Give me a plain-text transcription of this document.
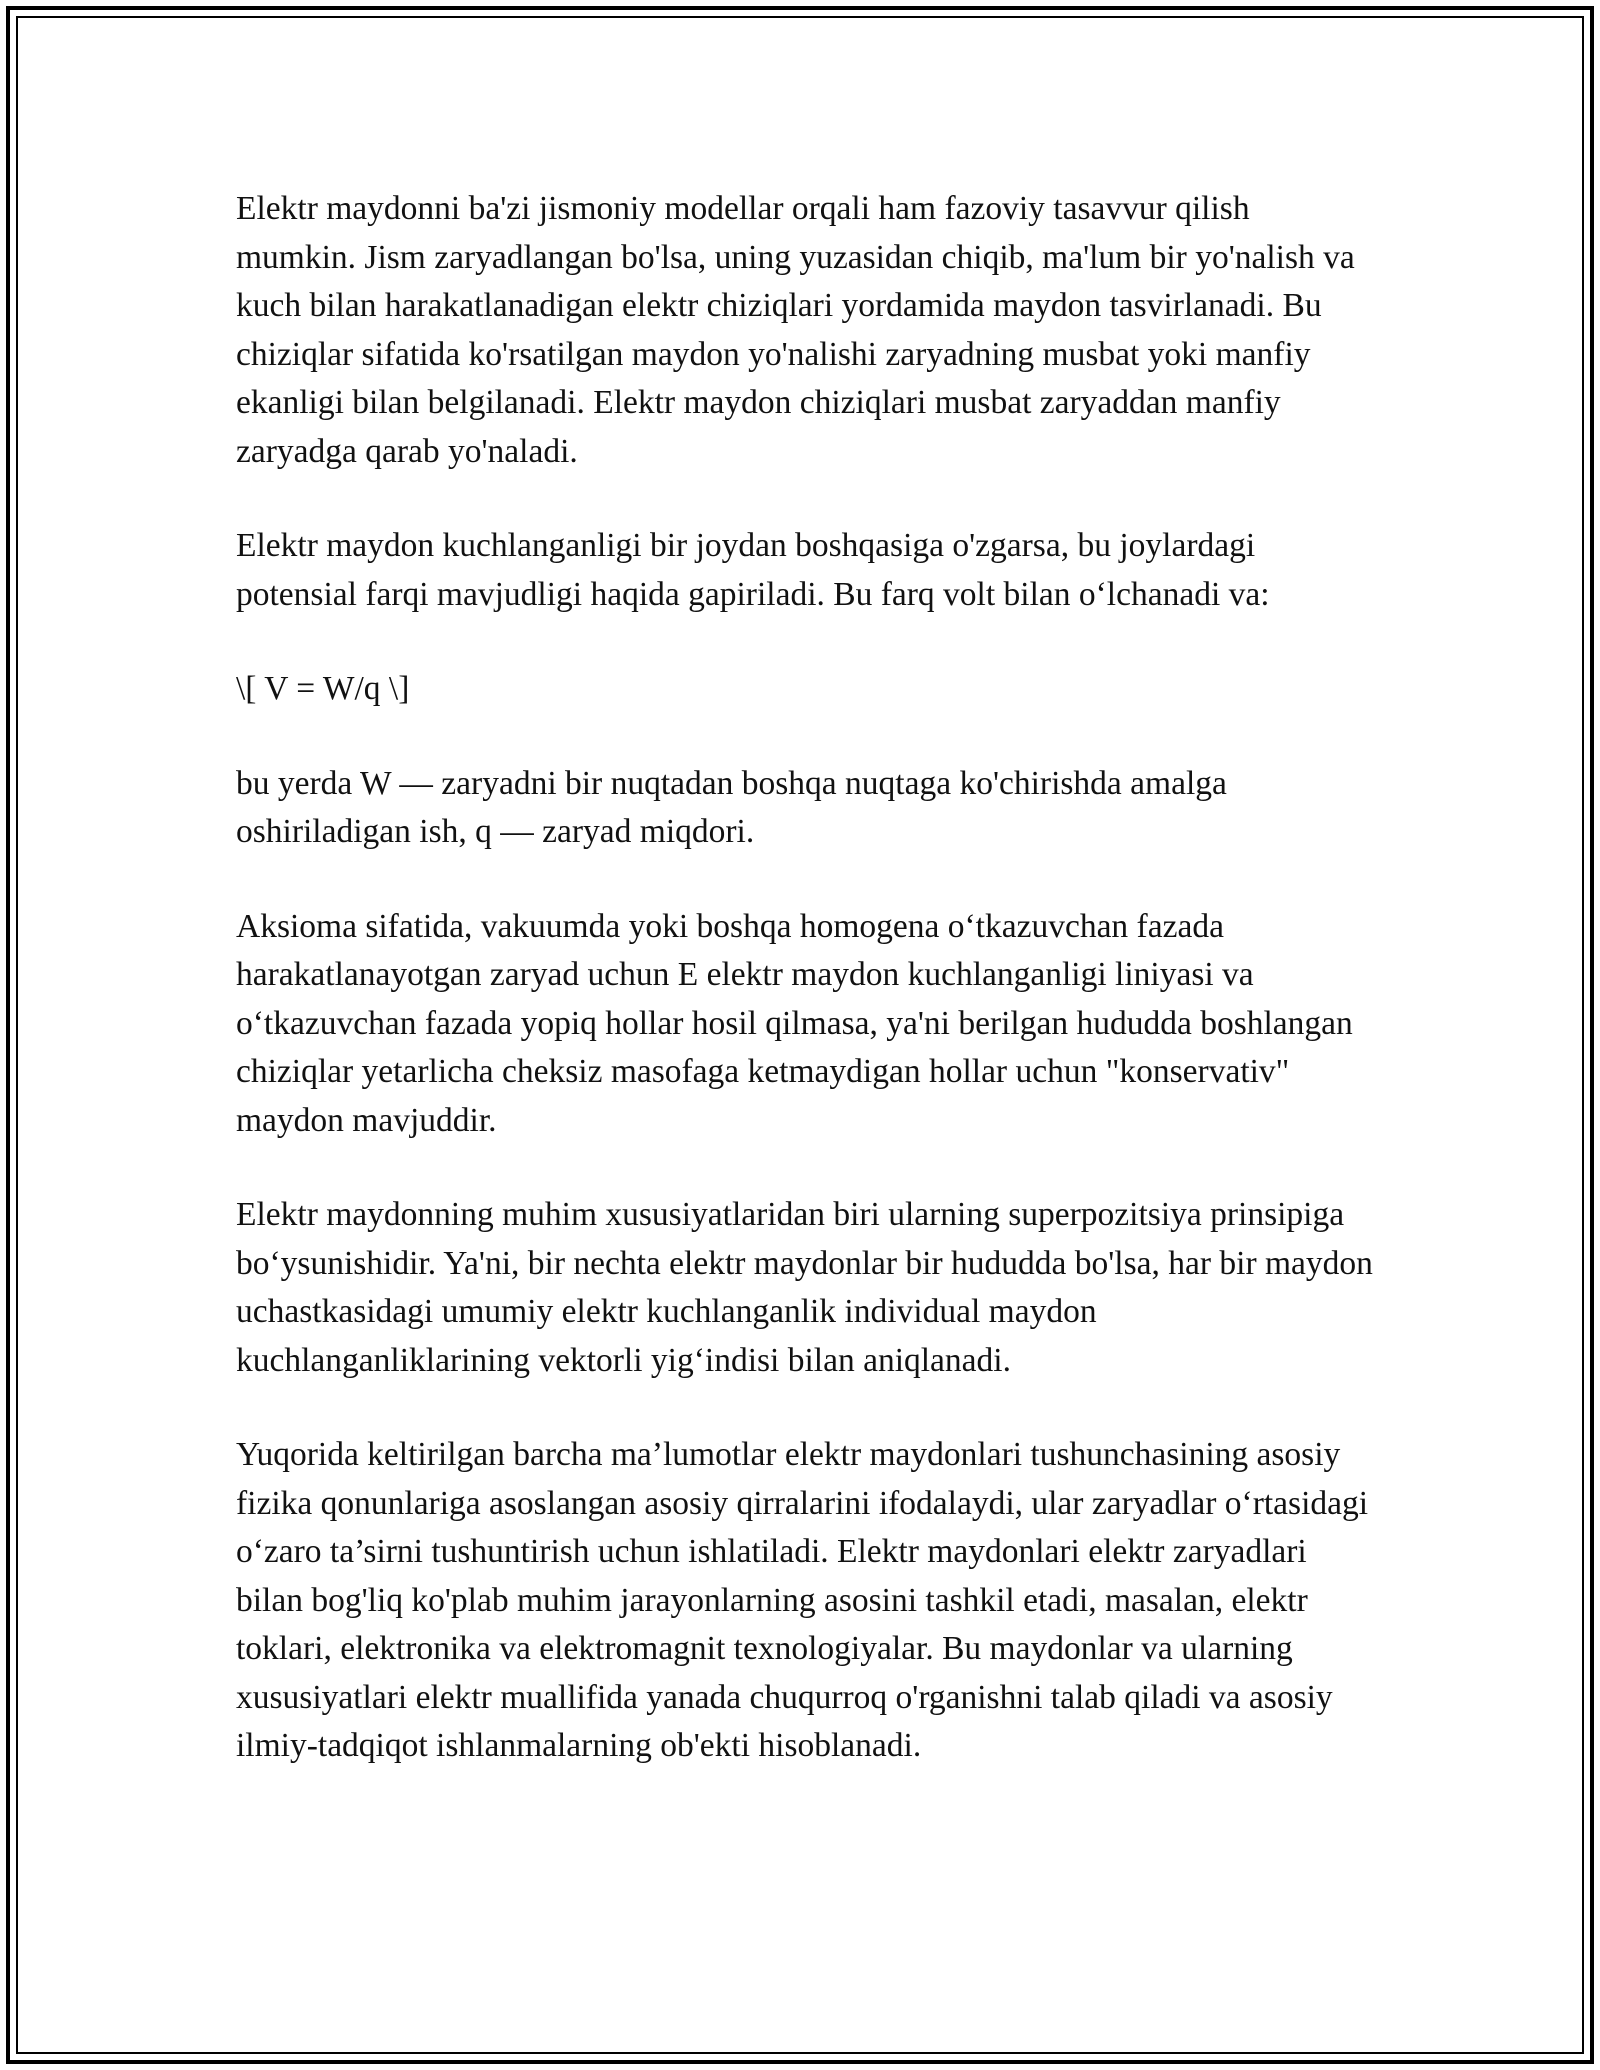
Elektr maydonni ba'zi jismoniy modellar orqali ham fazoviy tasavvur qilish mumkin. Jism zaryadlangan bo'lsa, uning yuzasidan chiqib, ma'lum bir yo'nalish va kuch bilan harakatlanadigan elektr chiziqlari yordamida maydon tasvirlanadi. Bu chiziqlar sifatida ko'rsatilgan maydon yo'nalishi zaryadning musbat yoki manfiy ekanligi bilan belgilanadi. Elektr maydon chiziqlari musbat zaryaddan manfiy zaryadga qarab yo'naladi.

Elektr maydon kuchlanganligi bir joydan boshqasiga o'zgarsa, bu joylardagi potensial farqi mavjudligi haqida gapiriladi. Bu farq volt bilan o‘lchanadi va:

\[ V = W/q \]

bu yerda W — zaryadni bir nuqtadan boshqa nuqtaga ko'chirishda amalga oshiriladigan ish, q — zaryad miqdori.

Aksioma sifatida, vakuumda yoki boshqa homogena o‘tkazuvchan fazada harakatlanayotgan zaryad uchun E elektr maydon kuchlanganligi liniyasi va o‘tkazuvchan fazada yopiq hollar hosil qilmasa, ya'ni berilgan hududda boshlangan chiziqlar yetarlicha cheksiz masofaga ketmaydigan hollar uchun "konservativ" maydon mavjuddir.

Elektr maydonning muhim xususiyatlaridan biri ularning superpozitsiya prinsipiga bo‘ysunishidir. Ya'ni, bir nechta elektr maydonlar bir hududda bo'lsa, har bir maydon uchastkasidagi umumiy elektr kuchlanganlik individual maydon kuchlanganliklarining vektorli yig‘indisi bilan aniqlanadi.

Yuqorida keltirilgan barcha ma’lumotlar elektr maydonlari tushunchasining asosiy fizika qonunlariga asoslangan asosiy qirralarini ifodalaydi, ular zaryadlar o‘rtasidagi o‘zaro ta’sirni tushuntirish uchun ishlatiladi. Elektr maydonlari elektr zaryadlari bilan bog'liq ko'plab muhim jarayonlarning asosini tashkil etadi, masalan, elektr toklari, elektronika va elektromagnit texnologiyalar. Bu maydonlar va ularning xususiyatlari elektr muallifida yanada chuqurroq o'rganishni talab qiladi va asosiy ilmiy-tadqiqot ishlanmalarning ob'ekti hisoblanadi.
